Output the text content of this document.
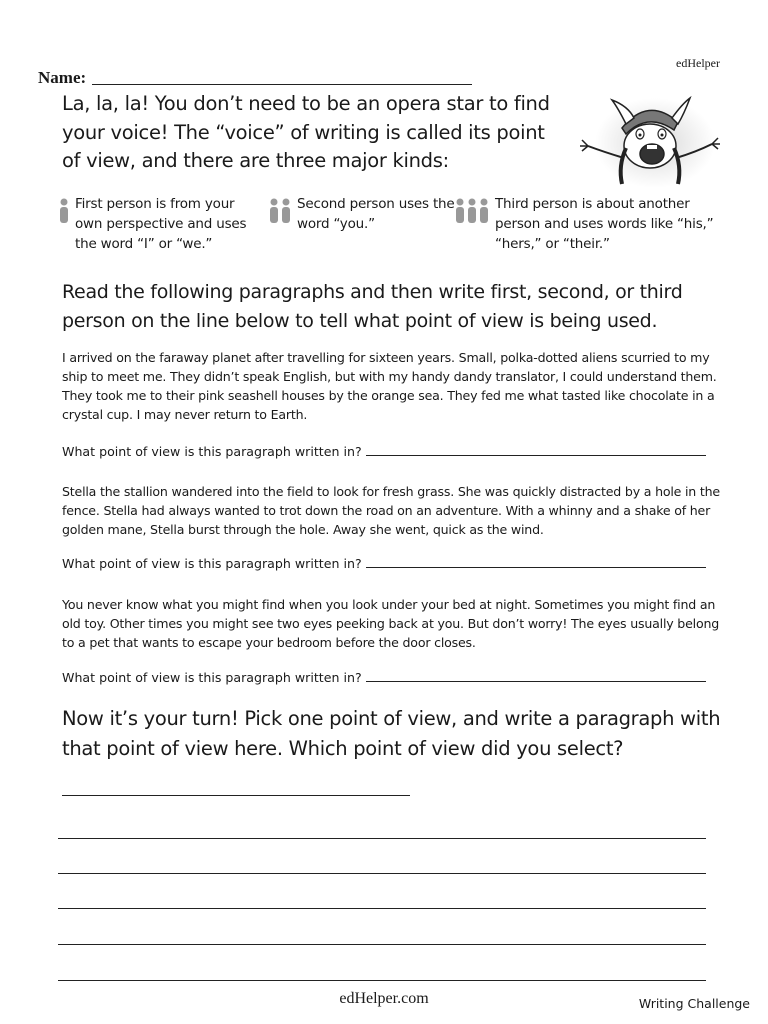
edHelper
Name:
La, la, la! You don’t need to be an opera star to find your voice! The “voice” of writing is called its point of view, and there are three major kinds:
First person is from your own perspective and uses the word “I” or “we.”
Second person uses the word “you.”
Third person is about another person and uses words like “his,” “hers,” or “their.”
Read the following paragraphs and then write first, second, or third person on the line below to tell what point of view is being used.
I arrived on the faraway planet after travelling for sixteen years. Small, polka-dotted aliens scurried to my ship to meet me. They didn’t speak English, but with my handy dandy translator, I could understand them. They took me to their pink seashell houses by the orange sea. They fed me what tasted like chocolate in a crystal cup. I may never return to Earth.
What point of view is this paragraph written in?
Stella the stallion wandered into the field to look for fresh grass. She was quickly distracted by a hole in the fence. Stella had always wanted to trot down the road on an adventure. With a whinny and a shake of her golden mane, Stella burst through the hole. Away she went, quick as the wind.
What point of view is this paragraph written in?
You never know what you might find when you look under your bed at night. Sometimes you might find an old toy. Other times you might see two eyes peeking back at you. But don’t worry! The eyes usually belong to a pet that wants to escape your bedroom before the door closes.
What point of view is this paragraph written in?
Now it’s your turn! Pick one point of view, and write a paragraph with that point of view here. Which point of view did you select?
edHelper.com	Writing Challenge
